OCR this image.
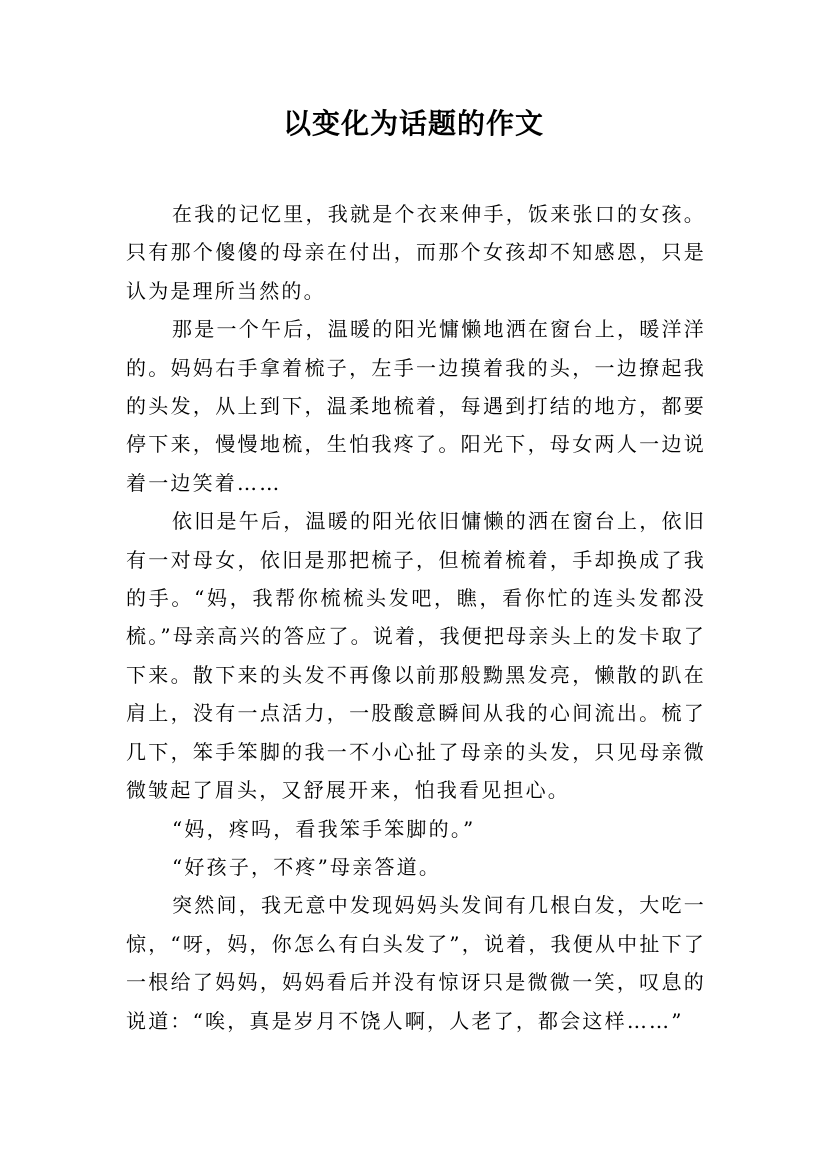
以变化为话题的作文

在我的记忆里，我就是个衣来伸手，饭来张口的女孩。只有那个傻傻的母亲在付出，而那个女孩却不知感恩，只是认为是理所当然的。

那是一个午后，温暖的阳光慵懒地洒在窗台上，暖洋洋的。妈妈右手拿着梳子，左手一边摸着我的头，一边撩起我的头发，从上到下，温柔地梳着，每遇到打结的地方，都要停下来，慢慢地梳，生怕我疼了。阳光下，母女两人一边说着一边笑着……

依旧是午后，温暖的阳光依旧慵懒的洒在窗台上，依旧有一对母女，依旧是那把梳子，但梳着梳着，手却换成了我的手。“妈，我帮你梳梳头发吧，瞧，看你忙的连头发都没梳。”母亲高兴的答应了。说着，我便把母亲头上的发卡取了下来。散下来的头发不再像以前那般黝黑发亮，懒散的趴在肩上，没有一点活力，一股酸意瞬间从我的心间流出。梳了几下，笨手笨脚的我一不小心扯了母亲的头发，只见母亲微微皱起了眉头，又舒展开来，怕我看见担心。

“妈，疼吗，看我笨手笨脚的。”

“好孩子，不疼”母亲答道。

突然间，我无意中发现妈妈头发间有几根白发，大吃一惊，“呀，妈，你怎么有白头发了”，说着，我便从中扯下了一根给了妈妈，妈妈看后并没有惊讶只是微微一笑，叹息的说道：“唉，真是岁月不饶人啊，人老了，都会这样……”
